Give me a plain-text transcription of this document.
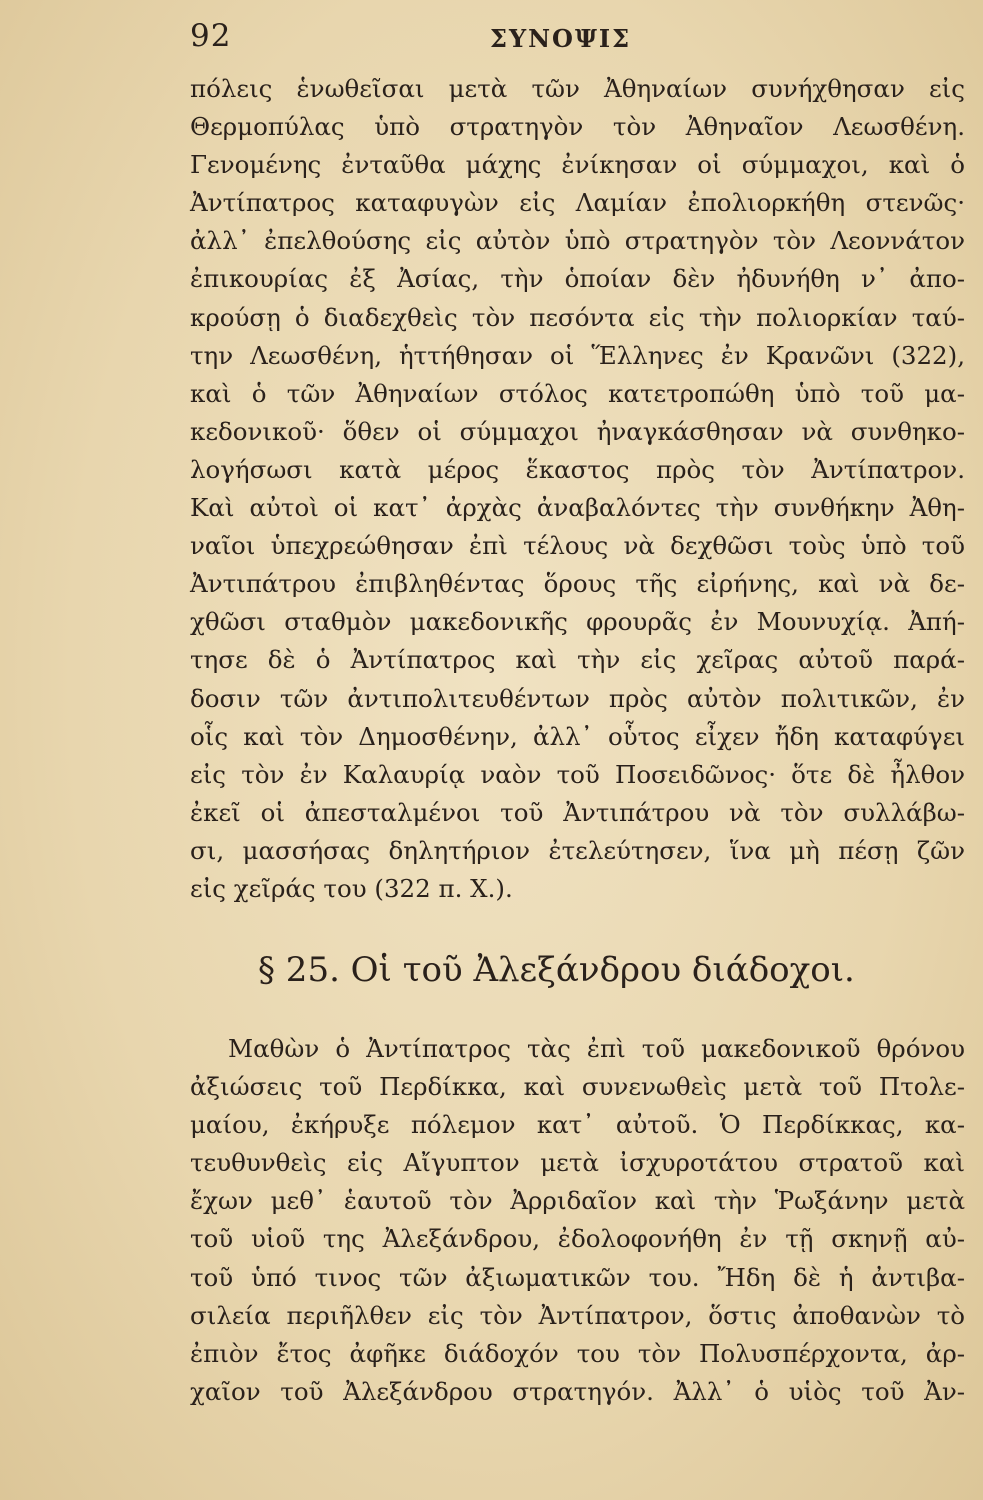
92	ΣΥΝΟΨΙΣ
πόλεις ἑνωθεῖσαι μετὰ τῶν Ἀθηναίων συνήχθησαν εἰς
Θερμοπύλας ὑπὸ στρατηγὸν τὸν Ἀθηναῖον Λεωσθένη.
Γενομένης ἐνταῦθα μάχης ἐνίκησαν οἱ σύμμαχοι, καὶ ὁ
Ἀντίπατρος καταφυγὼν εἰς Λαμίαν ἐπολιορκήθη στενῶς·
ἀλλ᾿ ἐπελθούσης εἰς αὐτὸν ὑπὸ στρατηγὸν τὸν Λεοννάτον
ἐπικουρίας ἐξ Ἀσίας, τὴν ὁποίαν δὲν ἠδυνήθη ν᾿ ἀπο-
κρούσῃ ὁ διαδεχθεὶς τὸν πεσόντα εἰς τὴν πολιορκίαν ταύ-
την Λεωσθένη, ἡττήθησαν οἱ Ἕλληνες ἐν Κρανῶνι (322),
καὶ ὁ τῶν Ἀθηναίων στόλος κατετροπώθη ὑπὸ τοῦ μα-
κεδονικοῦ· ὅθεν οἱ σύμμαχοι ἠναγκάσθησαν νὰ συνθηκο-
λογήσωσι κατὰ μέρος ἕκαστος πρὸς τὸν Ἀντίπατρον.
Καὶ αὐτοὶ οἱ κατ᾿ ἀρχὰς ἀναβαλόντες τὴν συνθήκην Ἀθη-
ναῖοι ὑπεχρεώθησαν ἐπὶ τέλους νὰ δεχθῶσι τοὺς ὑπὸ τοῦ
Ἀντιπάτρου ἐπιβληθέντας ὅρους τῆς εἰρήνης, καὶ νὰ δε-
χθῶσι σταθμὸν μακεδονικῆς φρουρᾶς ἐν Μουνυχίᾳ. Ἀπή-
τησε δὲ ὁ Ἀντίπατρος καὶ τὴν εἰς χεῖρας αὐτοῦ παρά-
δοσιν τῶν ἀντιπολιτευθέντων πρὸς αὐτὸν πολιτικῶν, ἐν
οἷς καὶ τὸν Δημοσθένην, ἀλλ᾿ οὗτος εἶχεν ἤδη καταφύγει
εἰς τὸν ἐν Καλαυρίᾳ ναὸν τοῦ Ποσειδῶνος· ὅτε δὲ ἦλθον
ἐκεῖ οἱ ἀπεσταλμένοι τοῦ Ἀντιπάτρου νὰ τὸν συλλάβω-
σι, μασσήσας δηλητήριον ἐτελεύτησεν, ἵνα μὴ πέσῃ ζῶν
εἰς χεῖράς του (322 π. Χ.).
§ 25. Οἱ τοῦ Ἀλεξάνδρου διάδοχοι.
Μαθὼν ὁ Ἀντίπατρος τὰς ἐπὶ τοῦ μακεδονικοῦ θρόνου
ἀξιώσεις τοῦ Περδίκκα, καὶ συνενωθεὶς μετὰ τοῦ Πτολε-
μαίου, ἐκήρυξε πόλεμον κατ᾿ αὐτοῦ. Ὁ Περδίκκας, κα-
τευθυνθεὶς εἰς Αἴγυπτον μετὰ ἰσχυροτάτου στρατοῦ καὶ
ἔχων μεθ᾿ ἑαυτοῦ τὸν Ἀρριδαῖον καὶ τὴν Ῥωξάνην μετὰ
τοῦ υἱοῦ της Ἀλεξάνδρου, ἐδολοφονήθη ἐν τῇ σκηνῇ αὐ-
τοῦ ὑπό τινος τῶν ἀξιωματικῶν του. Ἤδη δὲ ἡ ἀντιβα-
σιλεία περιῆλθεν εἰς τὸν Ἀντίπατρον, ὅστις ἀποθανὼν τὸ
ἐπιὸν ἔτος ἀφῆκε διάδοχόν του τὸν Πολυσπέρχοντα, ἀρ-
χαῖον τοῦ Ἀλεξάνδρου στρατηγόν. Ἀλλ᾿ ὁ υἱὸς τοῦ Ἀν-
